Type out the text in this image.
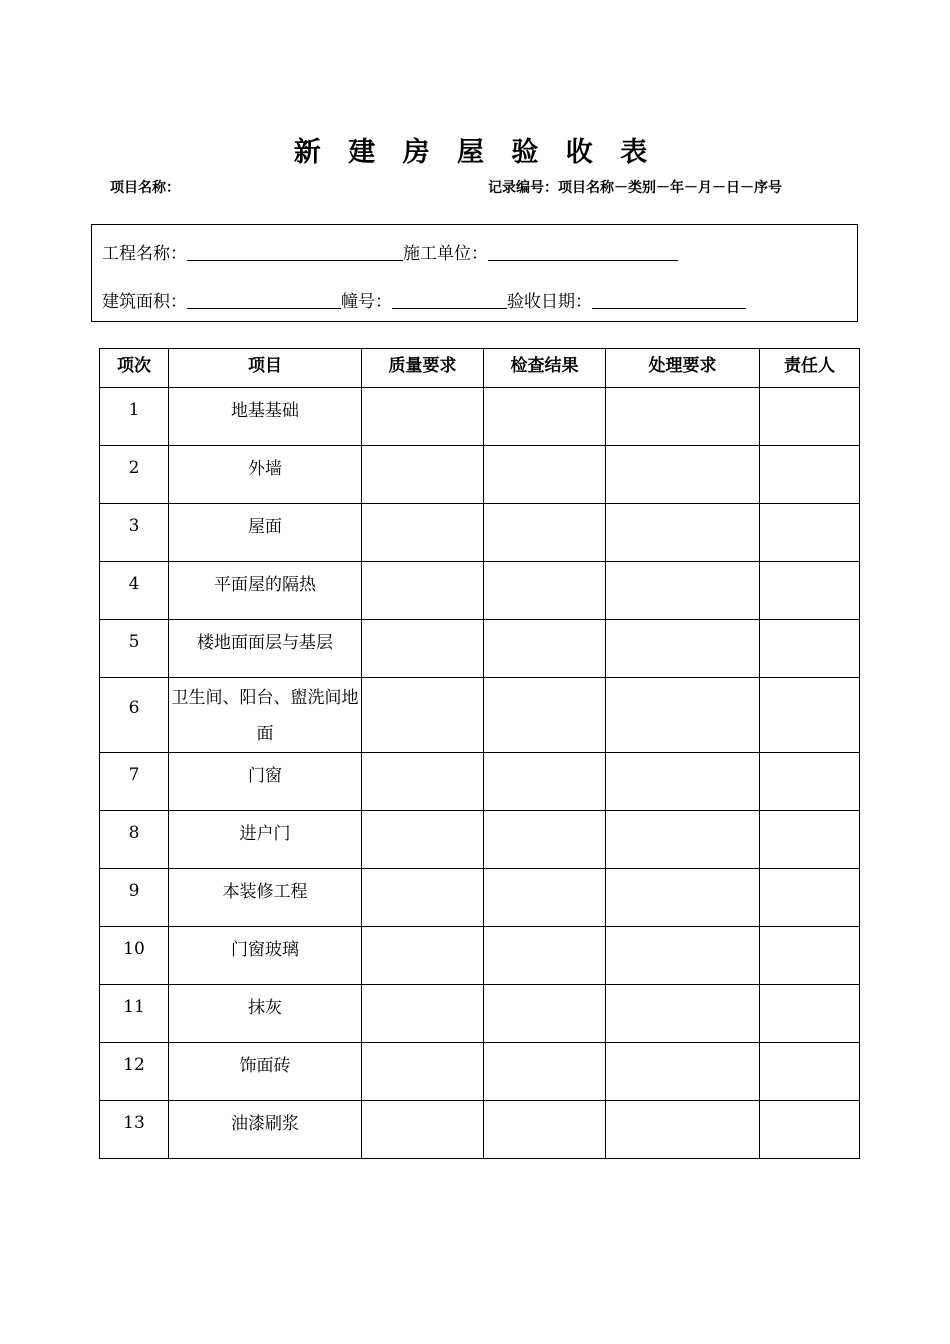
新 建 房 屋 验 收 表
项目名称：	记录编号：项目名称－类别－年－月－日－序号
工程名称：	施工单位：
建筑面积：	幢号：	验收日期：
项次	项目	质量要求	检查结果	处理要求	责任人
1	地基基础				
2	外墙				
3	屋面				
4	平面屋的隔热				
5	楼地面面层与基层				
6	卫生间、阳台、盥洗间地面				
7	门窗				
8	进户门				
9	本装修工程				
10	门窗玻璃				
11	抹灰				
12	饰面砖				
13	油漆刷浆				
